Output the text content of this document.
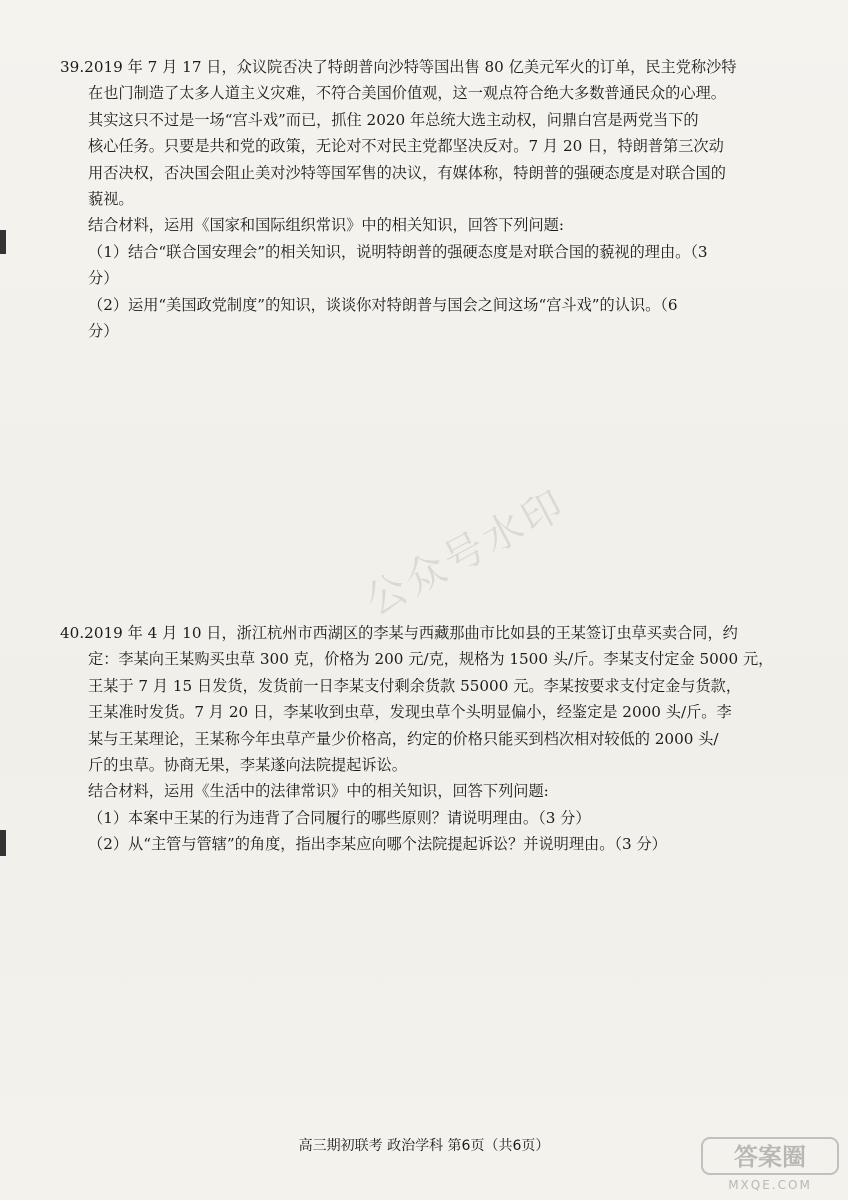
公众号水印

39.2019 年 7 月 17 日，众议院否决了特朗普向沙特等国出售 80 亿美元军火的订单，民主党称沙特

在也门制造了太多人道主义灾难，不符合美国价值观，这一观点符合绝大多数普通民众的心理。

其实这只不过是一场“宫斗戏”而已，抓住 2020 年总统大选主动权，问鼎白宫是两党当下的

核心任务。只要是共和党的政策，无论对不对民主党都坚决反对。7 月 20 日，特朗普第三次动

用否决权，否决国会阻止美对沙特等国军售的决议，有媒体称，特朗普的强硬态度是对联合国的

藐视。

结合材料，运用《国家和国际组织常识》中的相关知识，回答下列问题:

（1）结合“联合国安理会”的相关知识，说明特朗普的强硬态度是对联合国的藐视的理由。（3

分）

（2）运用“美国政党制度”的知识，谈谈你对特朗普与国会之间这场“宫斗戏”的认识。（6

分）

40.2019 年 4 月 10 日，浙江杭州市西湖区的李某与西藏那曲市比如县的王某签订虫草买卖合同，约

定：李某向王某购买虫草 300 克，价格为 200 元/克，规格为 1500 头/斤。李某支付定金 5000 元，

王某于 7 月 15 日发货，发货前一日李某支付剩余货款 55000 元。李某按要求支付定金与货款，

王某准时发货。7 月 20 日，李某收到虫草，发现虫草个头明显偏小，经鉴定是 2000 头/斤。李

某与王某理论，王某称今年虫草产量少价格高，约定的价格只能买到档次相对较低的 2000 头/

斤的虫草。协商无果，李某遂向法院提起诉讼。

结合材料，运用《生活中的法律常识》中的相关知识，回答下列问题:

（1）本案中王某的行为违背了合同履行的哪些原则？请说明理由。（3 分）

（2）从“主管与管辖”的角度，指出李某应向哪个法院提起诉讼？并说明理由。（3 分）

高三期初联考 政治学科 第6页（共6页）	答案圈
MXQE.COM
